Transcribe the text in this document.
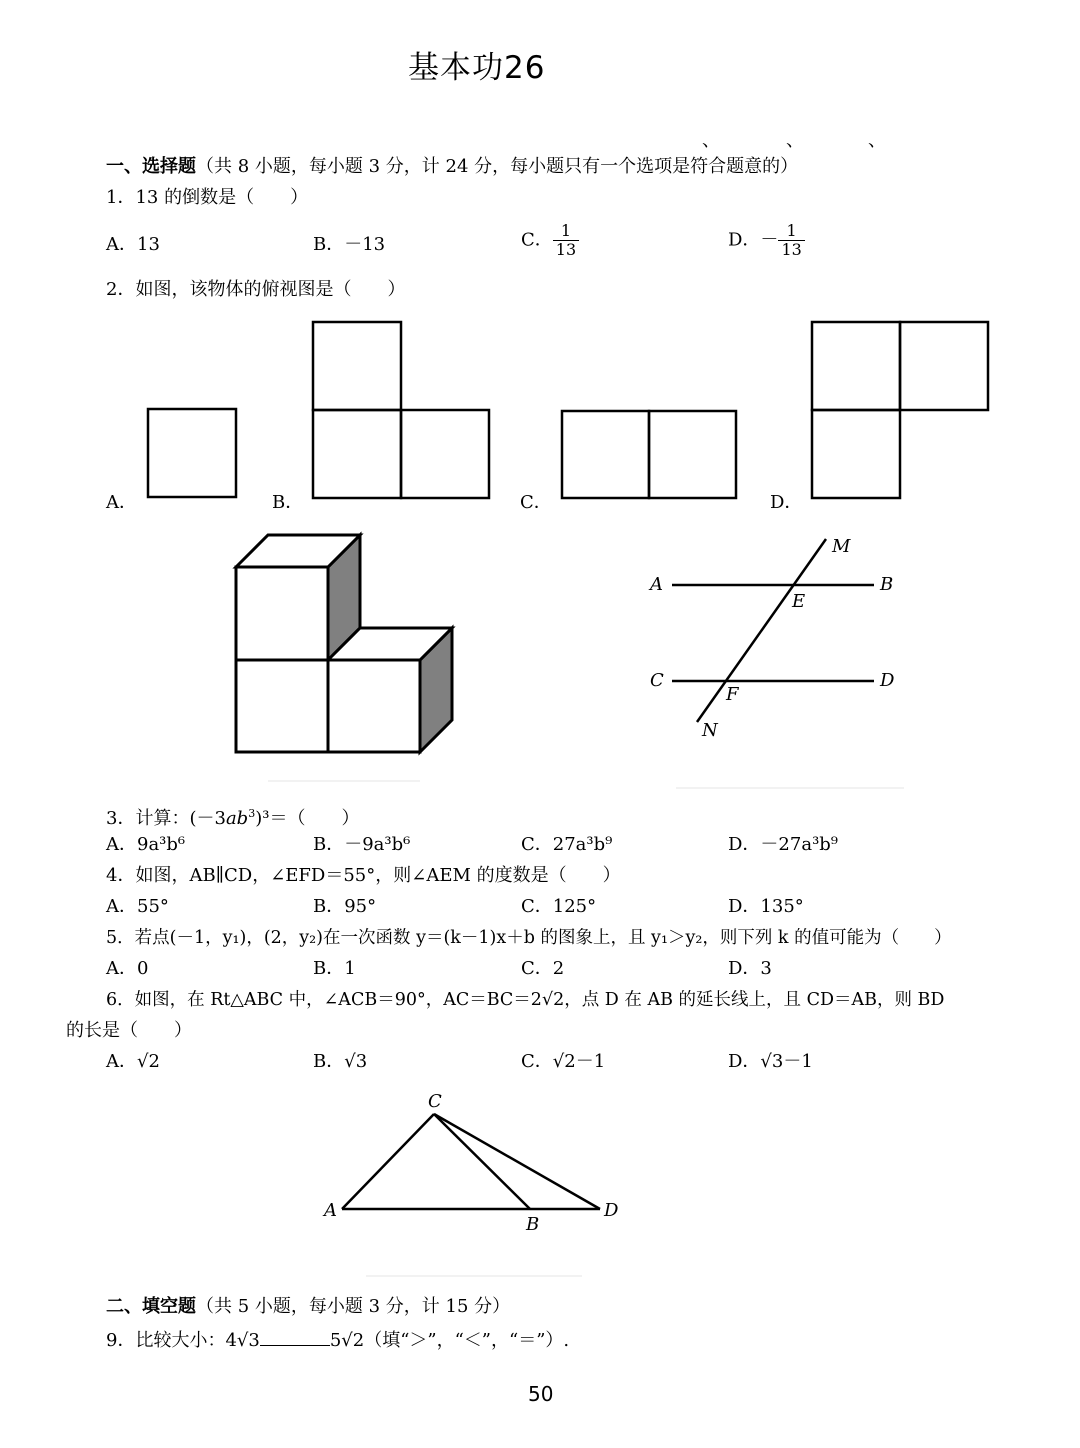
基本功26
、	、	、
一、选择题（共 8 小题，每小题 3 分，计 24 分，每小题只有一个选项是符合题意的）
1．13 的倒数是（　　）
A．13	B．－13	C． $\frac{1}{13}$	D．－ $\frac{1}{13}$
2．如图，该物体的俯视图是（　　）
A．	B．	C．	D．
M
A
E
B
C
F
D
N
3．计算：$(-3ab^3)^3=$（　　）
A．9a³b⁶	B．－9a³b⁶	C．27a³b⁹	D．－27a³b⁹
4．如图，AB∥CD，∠EFD＝55°，则∠AEM 的度数是（　　）
A．55°	B．95°	C．125°	D．135°
5．若点(－1，y₁)，(2，y₂)在一次函数 y＝(k－1)x＋b 的图象上，且 y₁＞y₂，则下列 k 的值可能为（　　）
A．0	B．1	C．2	D．3
6．如图，在 Rt△ABC 中，∠ACB＝90°，AC＝BC＝2√2，点 D 在 AB 的延长线上，且 CD＝AB，则 BD
的长是（　　）
A．√2	B．√3	C．√2－1	D．√3－1
C
A
B
D
二、填空题（共 5 小题，每小题 3 分，计 15 分）
9．比较大小：4√3	5√2（填“＞”，“＜”，“＝”）.
50
